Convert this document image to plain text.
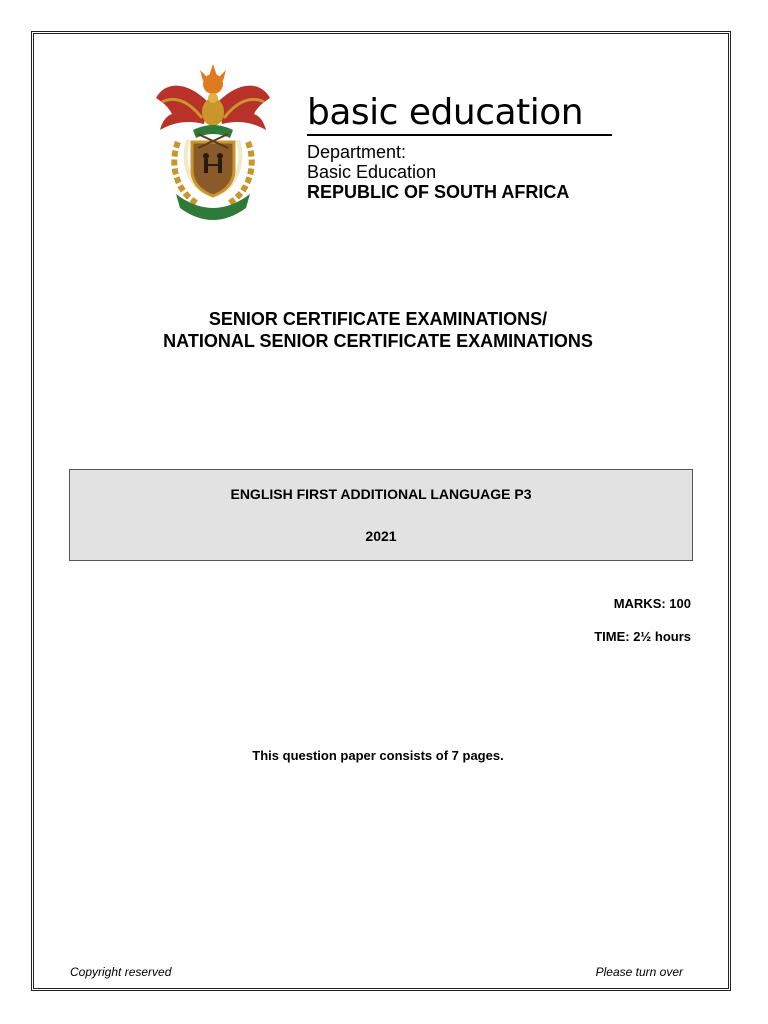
basic education
Department:
Basic Education
REPUBLIC OF SOUTH AFRICA
SENIOR CERTIFICATE EXAMINATIONS/
NATIONAL SENIOR CERTIFICATE EXAMINATIONS
ENGLISH FIRST ADDITIONAL LANGUAGE P3
2021
MARKS: 100
TIME: 2½ hours
This question paper consists of 7 pages.
Copyright reserved	Please turn over
